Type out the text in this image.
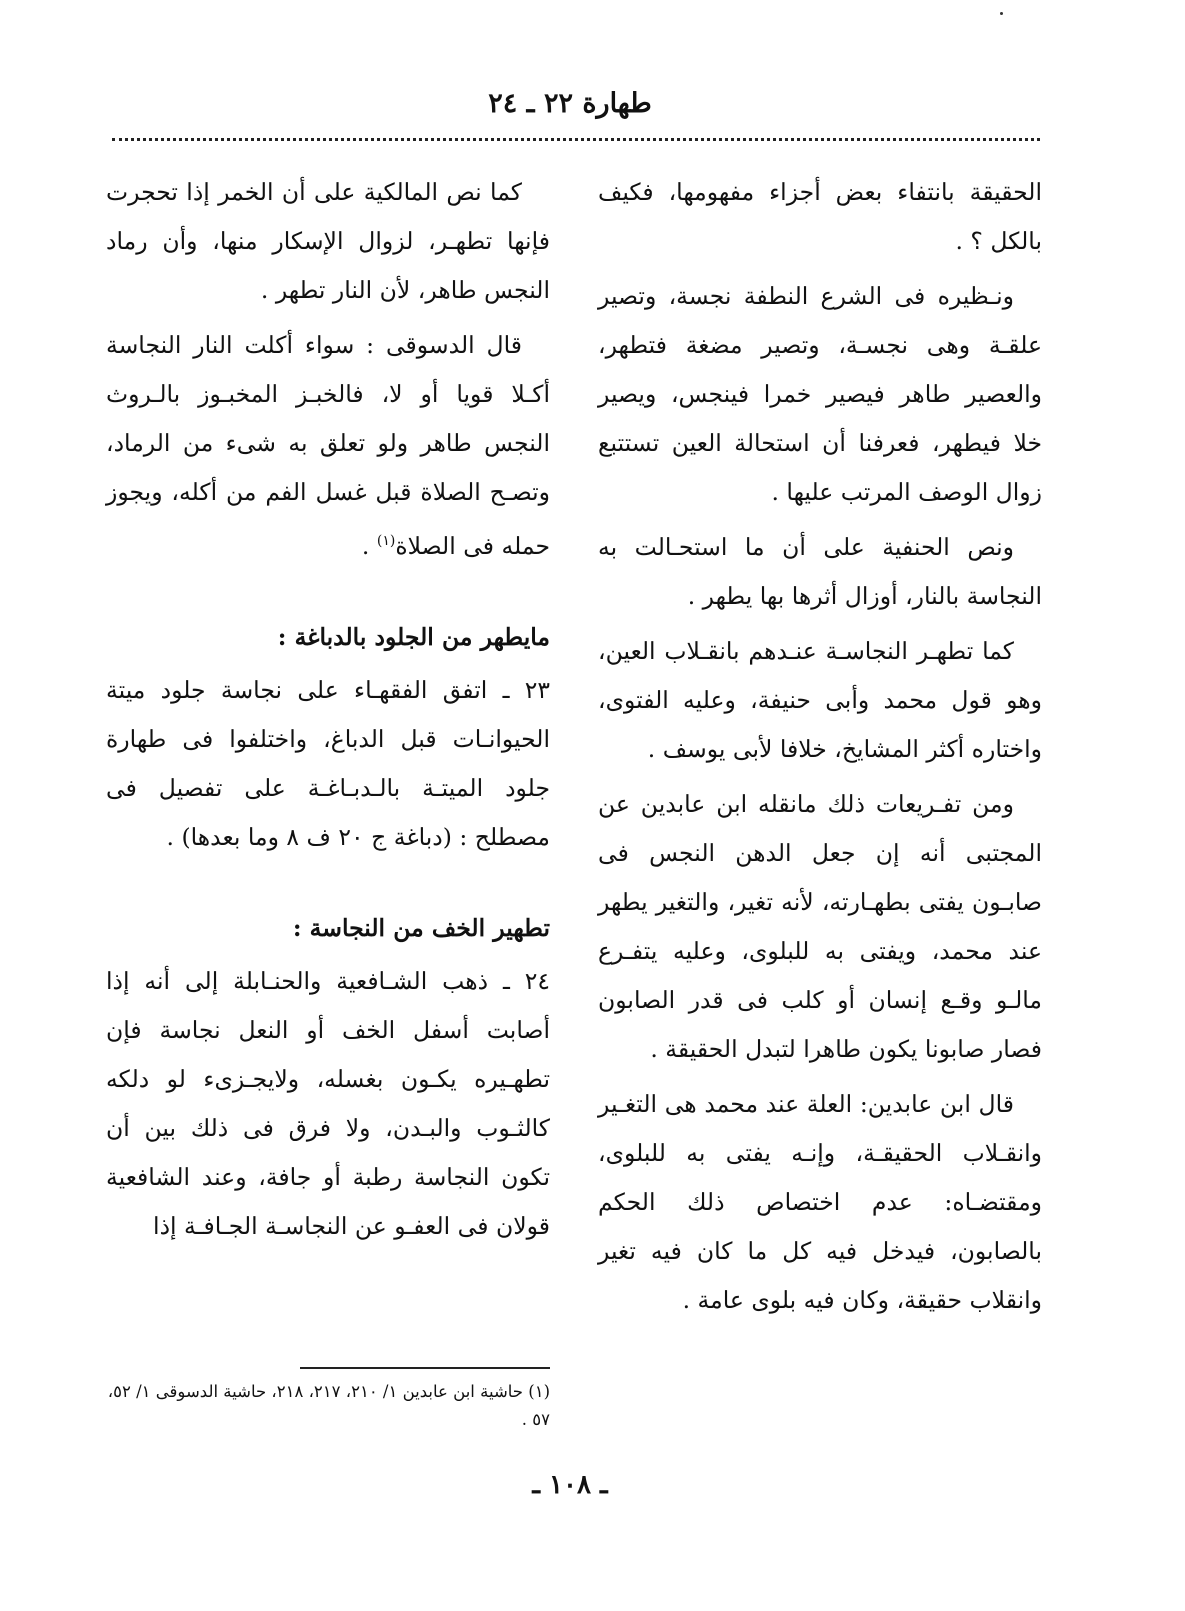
طهارة ٢٢ ـ ٢٤

الحقيقة بانتفاء بعض أجزاء مفهومها، فكيف بالكل ؟ .

ونـظيره فى الشرع النطفة نجسة، وتصير علقـة وهى نجسـة، وتصير مضغة فتطهر، والعصير طاهر فيصير خمرا فينجس، ويصير خلا فيطهر، فعرفنا أن استحالة العين تستتبع زوال الوصف المرتب عليها .

ونص الحنفية على أن ما استحـالت به النجاسة بالنار، أوزال أثرها بها يطهر .

كما تطهـر النجاسـة عنـدهم بانقـلاب العين، وهو قول محمد وأبى حنيفة، وعليه الفتوى، واختاره أكثر المشايخ، خلافا لأبى يوسف .

ومن تفـريعات ذلك مانقله ابن عابدين عن المجتبى أنه إن جعل الدهن النجس فى صابـون يفتى بطهـارته، لأنه تغير، والتغير يطهر عند محمد، ويفتى به للبلوى، وعليه يتفـرع مالـو وقـع إنسان أو كلب فى قدر الصابون فصار صابونا يكون طاهرا لتبدل الحقيقة .

قال ابن عابدين: العلة عند محمد هى التغـير وانقـلاب الحقيقـة، وإنـه يفتى به للبلوى، ومقتضـاه: عدم اختصاص ذلك الحكم بالصابون، فيدخل فيه كل ما كان فيه تغير وانقلاب حقيقة، وكان فيه بلوى عامة .

كما نص المالكية على أن الخمر إذا تحجرت فإنها تطهـر، لزوال الإسكار منها، وأن رماد النجس طاهر، لأن النار تطهر .

قال الدسوقى : سواء أكلت النار النجاسة أكـلا قويا أو لا، فالخبـز المخبـوز بالـروث النجس طاهر ولو تعلق به شىء من الرماد، وتصـح الصلاة قبل غسل الفم من أكله، ويجوز حمله فى الصلاة$^{(١)}$ .

مايطهر من الجلود بالدباغة :

٢٣ ـ اتفق الفقهـاء على نجاسة جلود ميتة الحيوانـات قبل الدباغ، واختلفوا فى طهارة جلود الميتـة بالـدبـاغـة على تفصيل فى مصطلح : (دباغة ج ٢٠ ف ٨ وما بعدها) .

تطهير الخف من النجاسة :

٢٤ ـ ذهب الشـافعية والحنـابلة إلى أنه إذا أصابت أسفل الخف أو النعل نجاسة فإن تطهـيره يكـون بغسله، ولايجـزىء لو دلكه كالثـوب والبـدن، ولا فرق فى ذلك بين أن تكون النجاسة رطبة أو جافة، وعند الشافعية قولان فى العفـو عن النجاسـة الجـافـة إذا

(١) حاشية ابن عابدين ١/ ٢١٠، ٢١٧، ٢١٨، حاشية الدسوقى ١/ ٥٢، ٥٧ .
ـ ١٠٨ ـ
